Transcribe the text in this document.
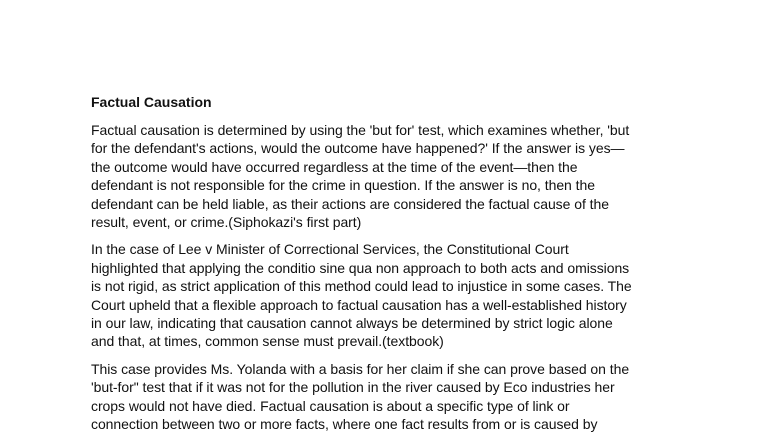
Factual Causation
Factual causation is determined by using the 'but for' test, which examines whether, 'but
for the defendant's actions, would the outcome have happened?' If the answer is yes—
the outcome would have occurred regardless at the time of the event—then the
defendant is not responsible for the crime in question. If the answer is no, then the
defendant can be held liable, as their actions are considered the factual cause of the
result, event, or crime.(Siphokazi's first part)
In the case of Lee v Minister of Correctional Services, the Constitutional Court
highlighted that applying the conditio sine qua non approach to both acts and omissions
is not rigid, as strict application of this method could lead to injustice in some cases. The
Court upheld that a flexible approach to factual causation has a well-established history
in our law, indicating that causation cannot always be determined by strict logic alone
and that, at times, common sense must prevail.(textbook)
This case provides Ms. Yolanda with a basis for her claim if she can prove based on the
'but-for" test that if it was not for the pollution in the river caused by Eco industries her
crops would not have died. Factual causation is about a specific type of link or
connection between two or more facts, where one fact results from or is caused by
